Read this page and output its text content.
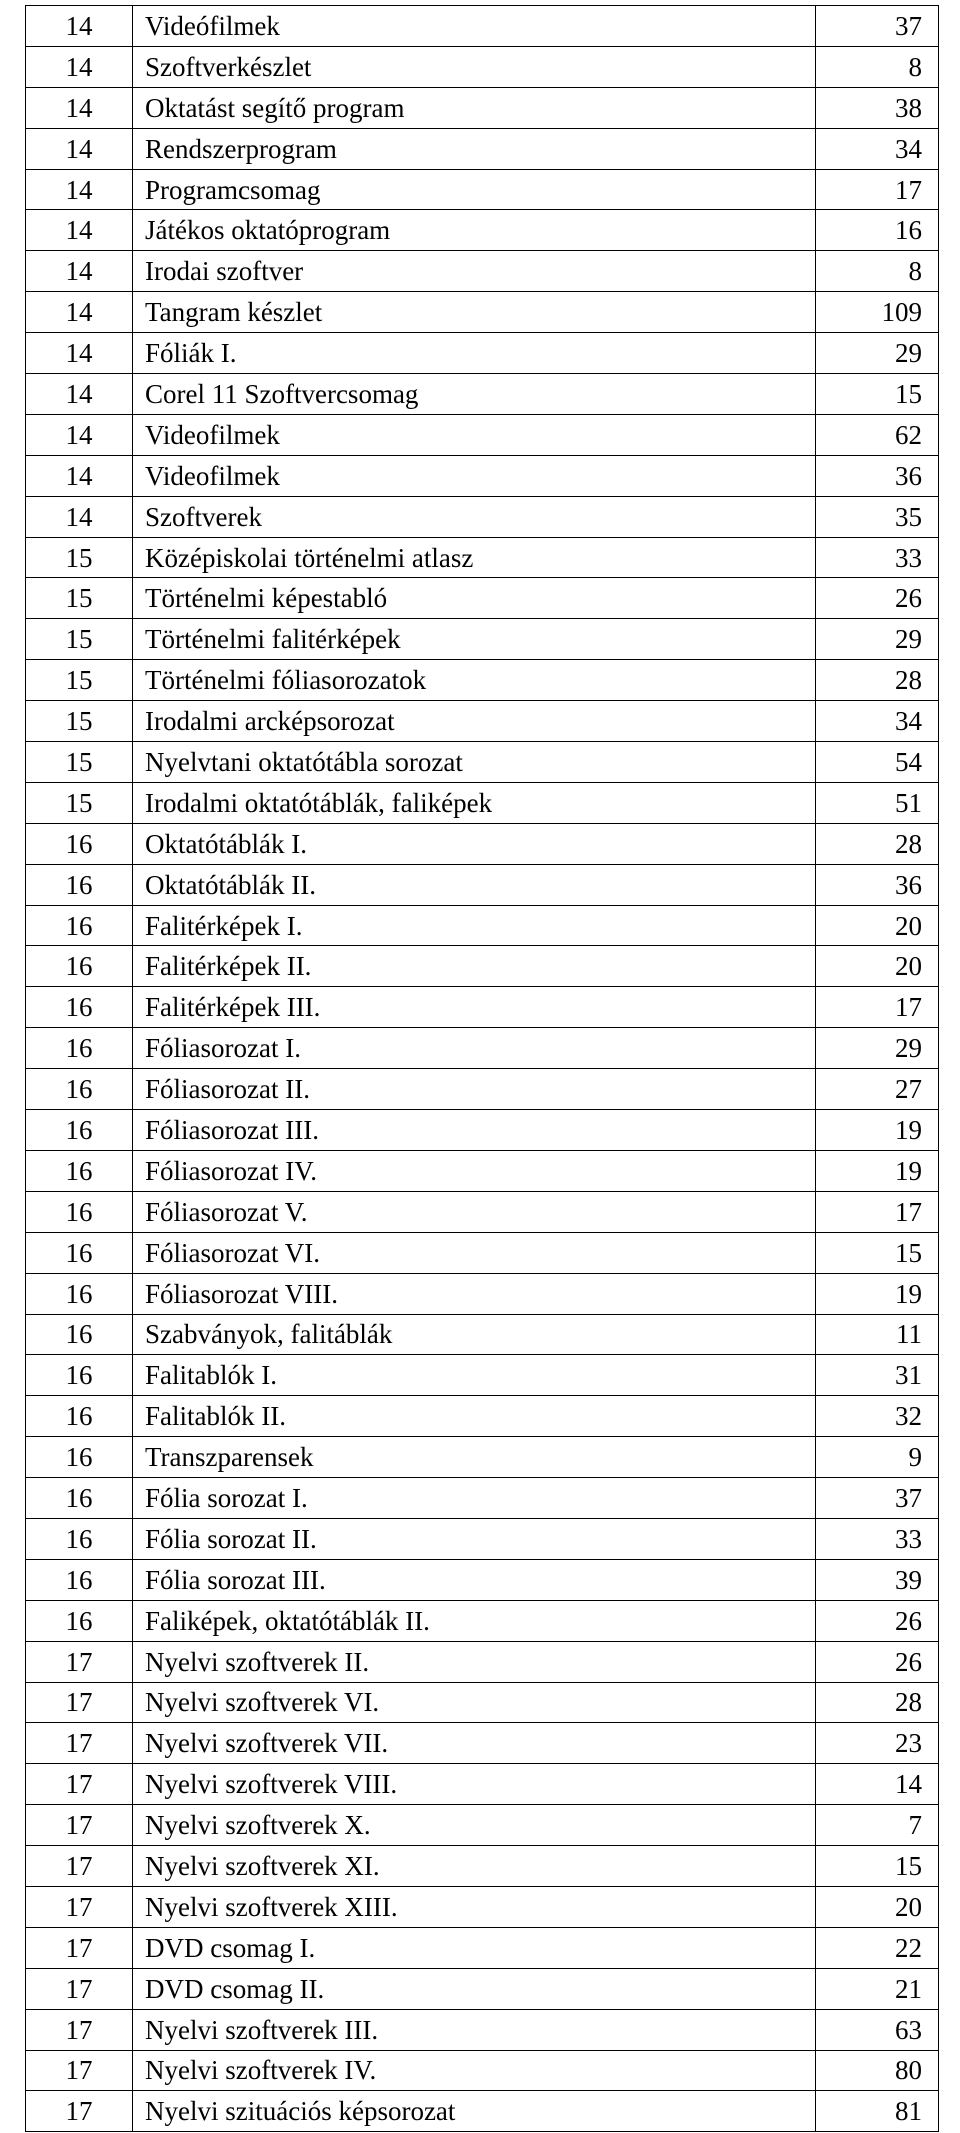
14	Videófilmek	37
14	Szoftverkészlet	8
14	Oktatást segítő program	38
14	Rendszerprogram	34
14	Programcsomag	17
14	Játékos oktatóprogram	16
14	Irodai szoftver	8
14	Tangram készlet	109
14	Fóliák I.	29
14	Corel 11 Szoftvercsomag	15
14	Videofilmek	62
14	Videofilmek	36
14	Szoftverek	35
15	Középiskolai történelmi atlasz	33
15	Történelmi képestabló	26
15	Történelmi falitérképek	29
15	Történelmi fóliasorozatok	28
15	Irodalmi arcképsorozat	34
15	Nyelvtani oktatótábla sorozat	54
15	Irodalmi oktatótáblák, faliképek	51
16	Oktatótáblák I.	28
16	Oktatótáblák II.	36
16	Falitérképek I.	20
16	Falitérképek II.	20
16	Falitérképek III.	17
16	Fóliasorozat I.	29
16	Fóliasorozat II.	27
16	Fóliasorozat III.	19
16	Fóliasorozat IV.	19
16	Fóliasorozat V.	17
16	Fóliasorozat VI.	15
16	Fóliasorozat VIII.	19
16	Szabványok, falitáblák	11
16	Falitablók I.	31
16	Falitablók II.	32
16	Transzparensek	9
16	Fólia sorozat I.	37
16	Fólia sorozat II.	33
16	Fólia sorozat III.	39
16	Faliképek, oktatótáblák II.	26
17	Nyelvi szoftverek II.	26
17	Nyelvi szoftverek VI.	28
17	Nyelvi szoftverek VII.	23
17	Nyelvi szoftverek VIII.	14
17	Nyelvi szoftverek X.	7
17	Nyelvi szoftverek XI.	15
17	Nyelvi szoftverek XIII.	20
17	DVD csomag I.	22
17	DVD csomag II.	21
17	Nyelvi szoftverek III.	63
17	Nyelvi szoftverek IV.	80
17	Nyelvi szituációs képsorozat	81
